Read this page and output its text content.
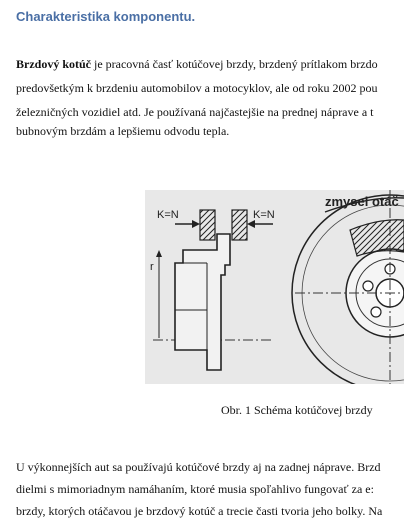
Charakteristika komponentu.
Brzdový kotúč je pracovná časť kotúčovej brzdy, brzdený prítlakom brzdo
predovšetkým k brzdeniu automobilov a motocyklov, ale od roku 2002 pou
železničných vozidiel atd. Je používaná najčastejšie na prednej náprave a t
bubnovým brzdám a lepšiemu odvodu tepla.
K=N	K=N
r
zmysel otáč
Obr. 1 Schéma kotúčovej brzdy
U výkonnejších aut sa používajú kotúčové brzdy aj na zadnej náprave. Brzd
dielmi s mimoriadnym namáhaním, ktoré musia spoľahlivo fungovať za e:
brzdy, ktorých otáčavou je brzdový kotúč a trecie časti tvoria jeho bolky. Na
